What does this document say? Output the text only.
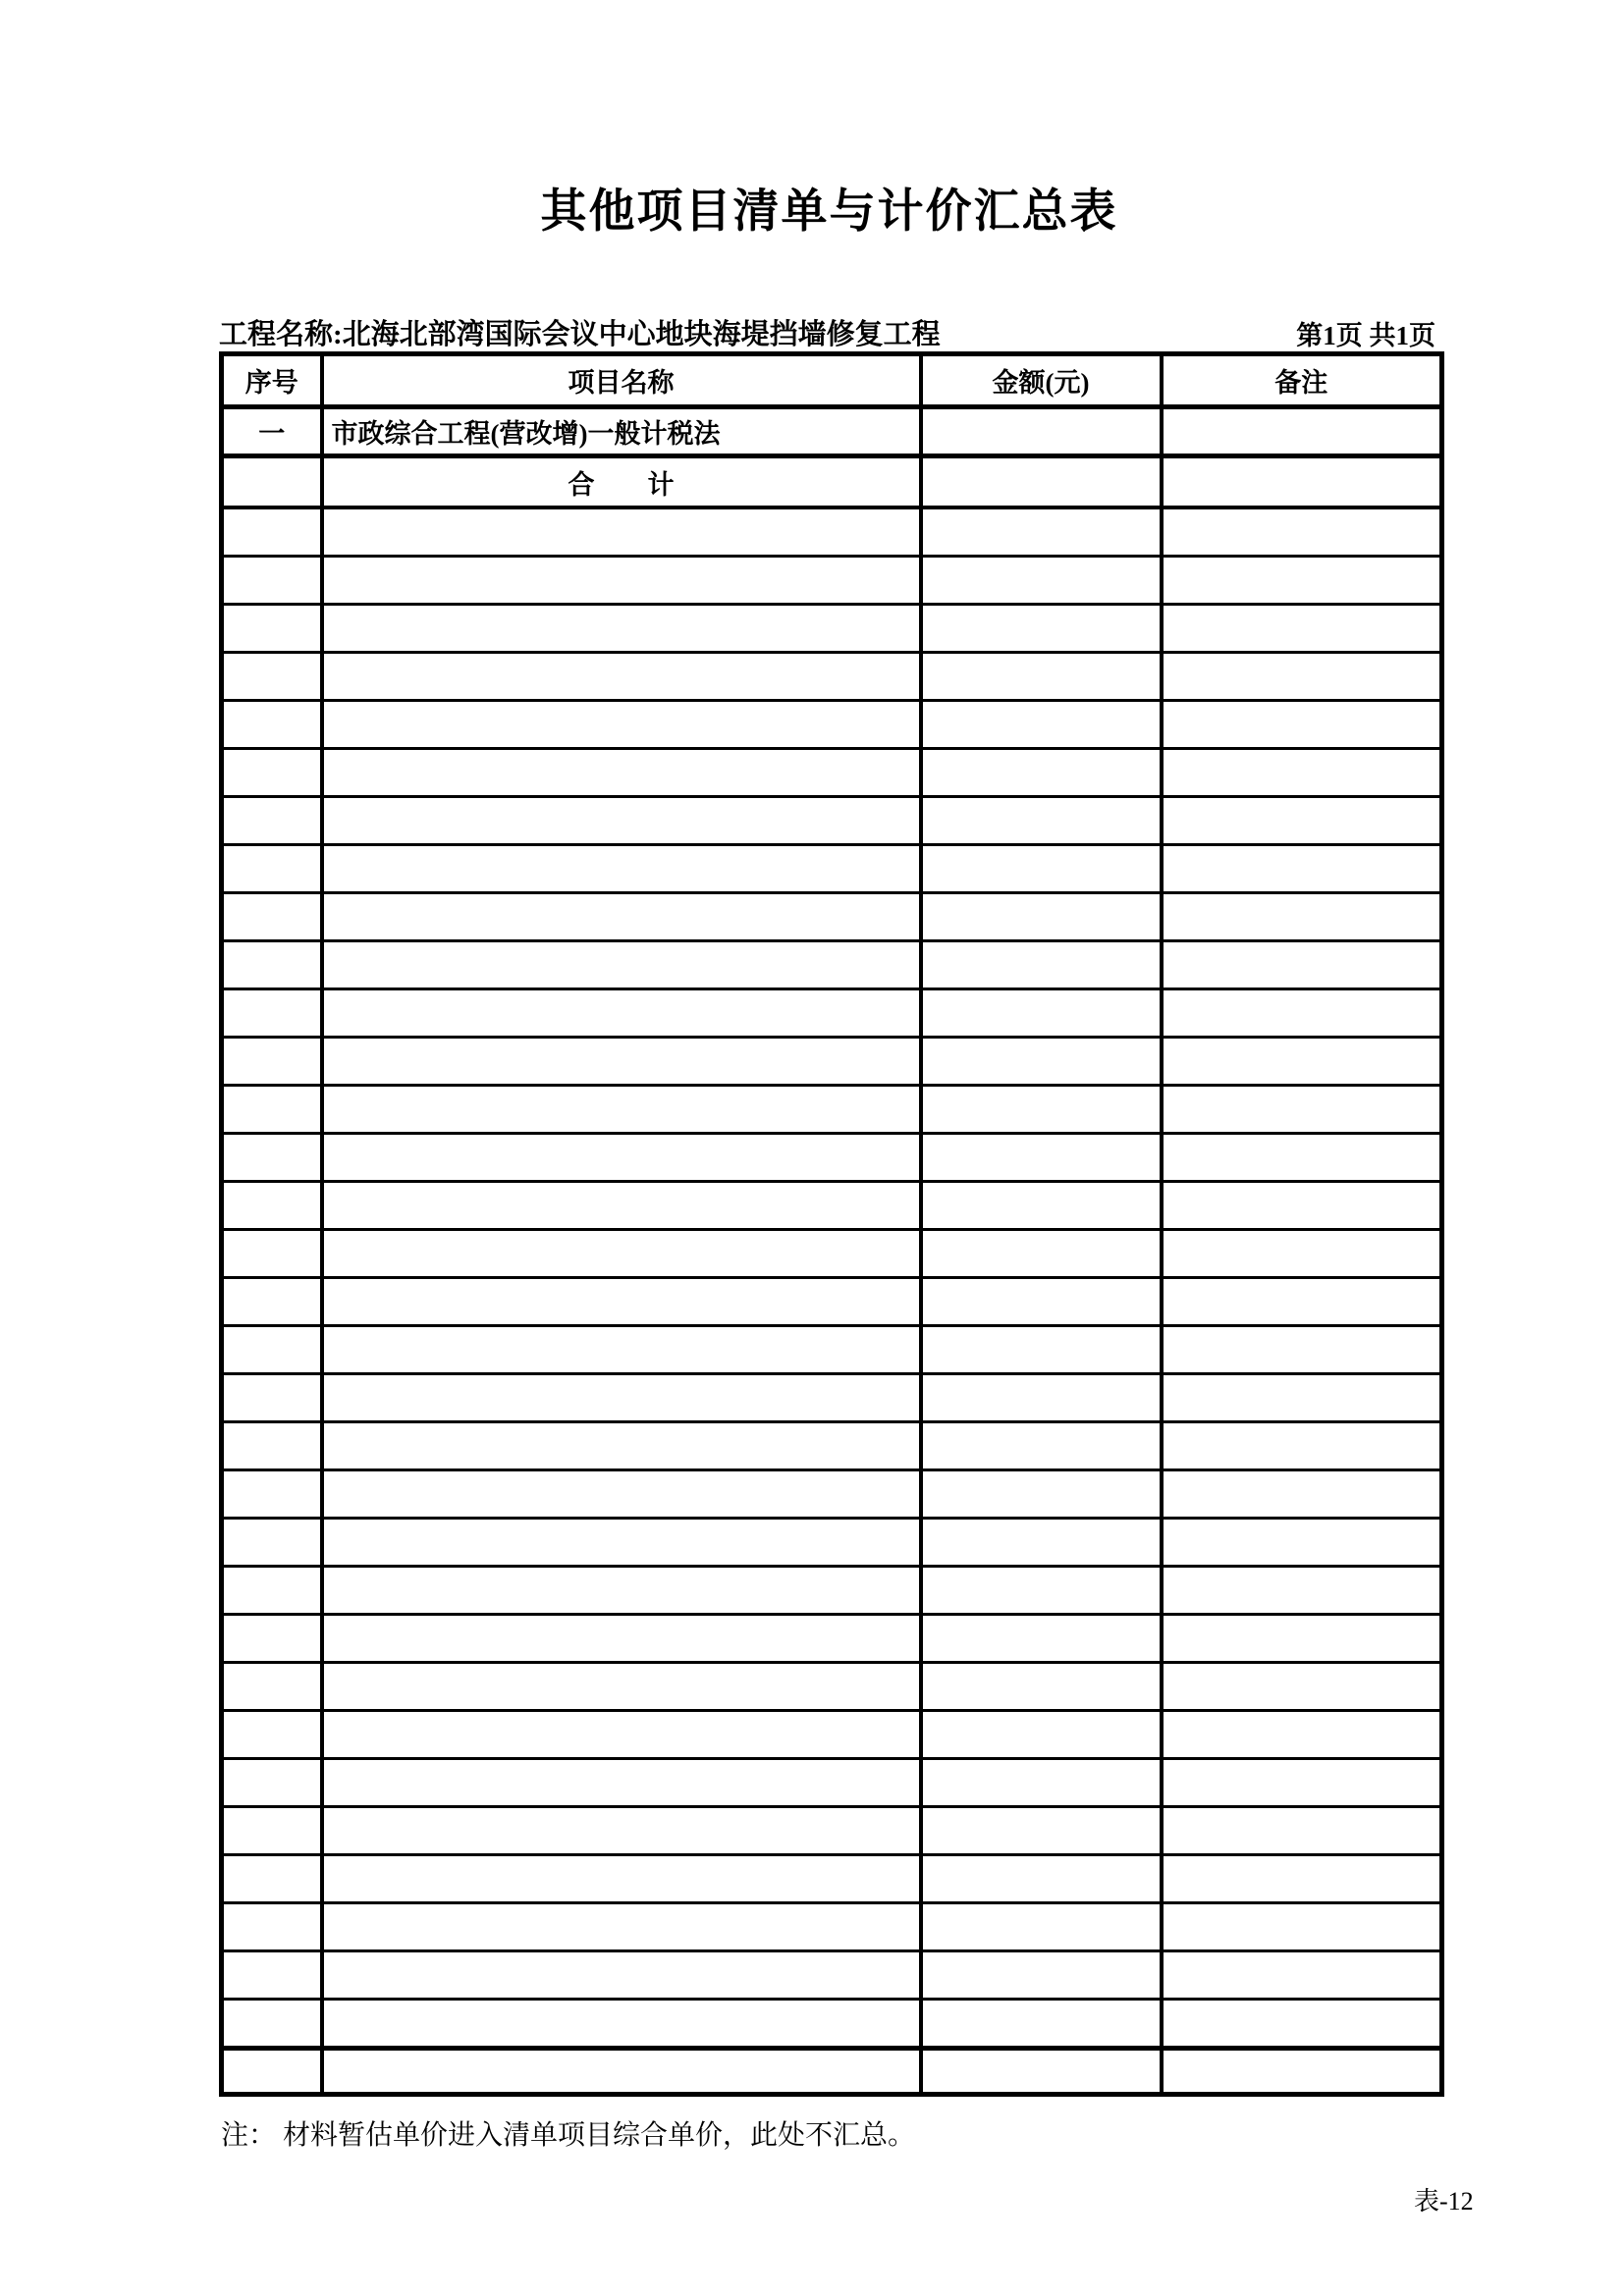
其他项目清单与计价汇总表
工程名称:北海北部湾国际会议中心地块海堤挡墙修复工程	第1页 共1页
序号	项目名称	金额(元)	备注
一	市政综合工程(营改增)一般计税法		
	合　　计		

注： 材料暂估单价进入清单项目综合单价，此处不汇总。
表-12
